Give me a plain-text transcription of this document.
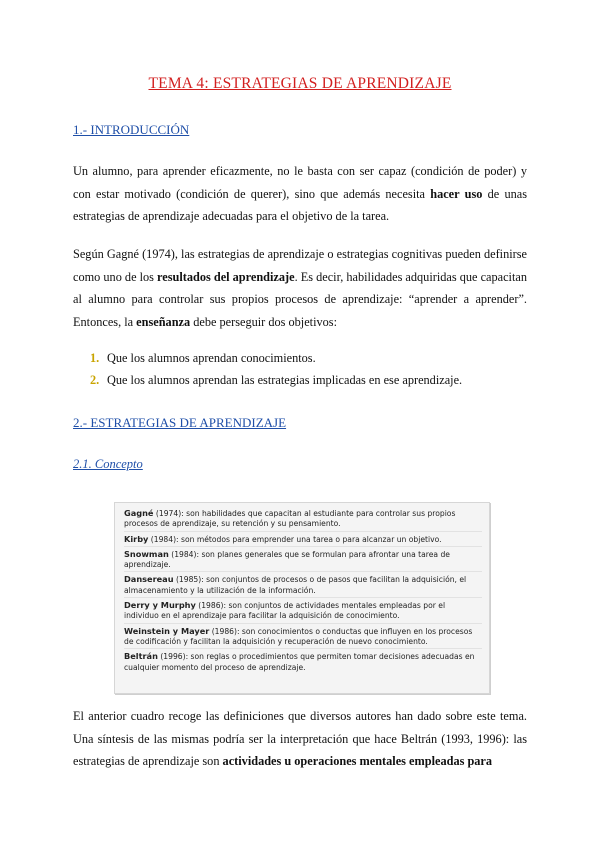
TEMA 4: ESTRATEGIAS DE APRENDIZAJE
1.- INTRODUCCIÓN
Un alumno, para aprender eficazmente, no le basta con ser capaz (condición de poder) y con estar motivado (condición de querer), sino que además necesita hacer uso de unas estrategias de aprendizaje adecuadas para el objetivo de la tarea.
Según Gagné (1974), las estrategias de aprendizaje o estrategias cognitivas pueden definirse como uno de los resultados del aprendizaje. Es decir, habilidades adquiridas que capacitan al alumno para controlar sus propios procesos de aprendizaje: “aprender a aprender”. Entonces, la enseñanza debe perseguir dos objetivos:
1. Que los alumnos aprendan conocimientos.
2. Que los alumnos aprendan las estrategias implicadas en ese aprendizaje.
2.- ESTRATEGIAS DE APRENDIZAJE
2.1. Concepto
Gagné (1974): son habilidades que capacitan al estudiante para controlar sus propios procesos de aprendizaje, su retención y su pensamiento.
Kirby (1984): son métodos para emprender una tarea o para alcanzar un objetivo.
Snowman (1984): son planes generales que se formulan para afrontar una tarea de aprendizaje.
Dansereau (1985): son conjuntos de procesos o de pasos que facilitan la adquisición, el almacenamiento y la utilización de la información.
Derry y Murphy (1986): son conjuntos de actividades mentales empleadas por el individuo en el aprendizaje para facilitar la adquisición de conocimiento.
Weinstein y Mayer (1986): son conocimientos o conductas que influyen en los procesos de codificación y facilitan la adquisición y recuperación de nuevo conocimiento.
Beltrán (1996): son reglas o procedimientos que permiten tomar decisiones adecuadas en cualquier momento del proceso de aprendizaje.
El anterior cuadro recoge las definiciones que diversos autores han dado sobre este tema. Una síntesis de las mismas podría ser la interpretación que hace Beltrán (1993, 1996): las estrategias de aprendizaje son actividades u operaciones mentales empleadas para
